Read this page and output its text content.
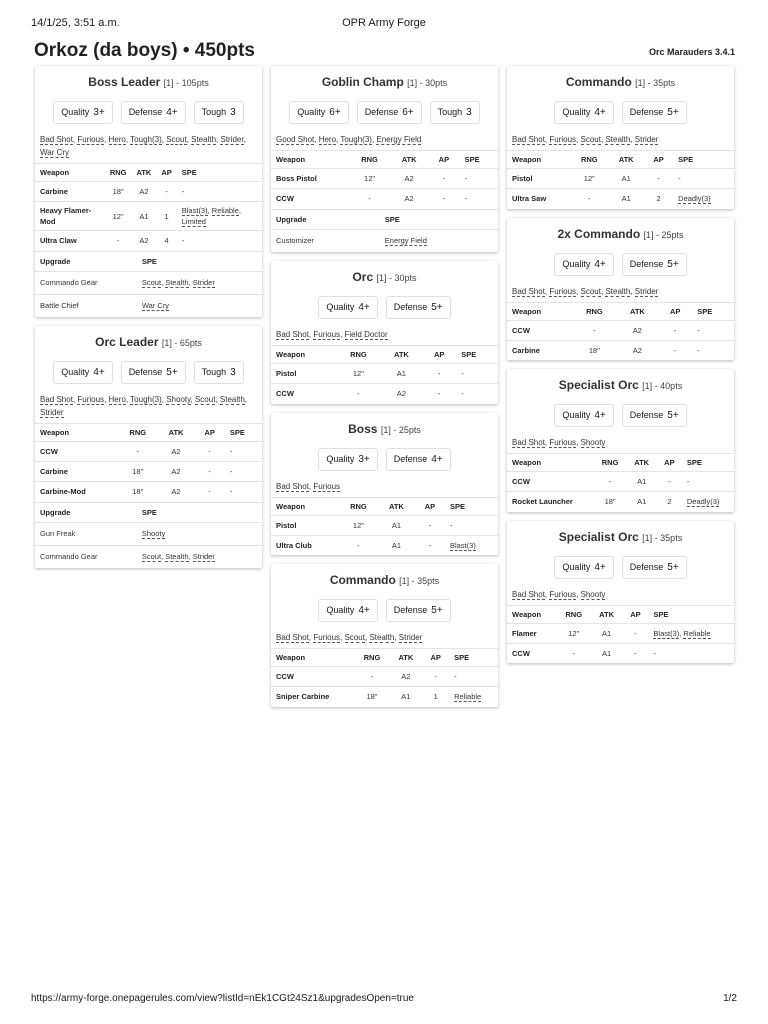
14/1/25, 3:51 a.m.	OPR Army Forge
Orkoz (da boys) • 450pts	Orc Marauders 3.4.1
Boss Leader [1] - 105pts
Quality 3+	Defense 4+	Tough 3
Bad Shot, Furious, Hero, Tough(3), Scout, Stealth, Strider, War Cry
Weapon	RNG	ATK	AP	SPE
Carbine	18"	A2	-	-
Heavy Flamer-Mod	12"	A1	1	Blast(3), Reliable, Limited
Ultra Claw	-	A2	4	-
Upgrade	SPE
Commando Gear	Scout, Stealth, Strider
Battle Chief	War Cry
Orc Leader [1] - 65pts
Quality 4+	Defense 5+	Tough 3
Bad Shot, Furious, Hero, Tough(3), Shooty, Scout, Stealth, Strider
Weapon	RNG	ATK	AP	SPE
CCW	-	A2	-	-
Carbine	18"	A2	-	-
Carbine-Mod	18"	A2	-	-
Upgrade	SPE
Gun Freak	Shooty
Commando Gear	Scout, Stealth, Strider
Goblin Champ [1] - 30pts
Quality 6+	Defense 6+	Tough 3
Good Shot, Hero, Tough(3), Energy Field
Weapon	RNG	ATK	AP	SPE
Boss Pistol	12"	A2	-	-
CCW	-	A2	-	-
Upgrade	SPE
Customizer	Energy Field
Orc [1] - 30pts
Quality 4+	Defense 5+
Bad Shot, Furious, Field Doctor
Weapon	RNG	ATK	AP	SPE
Pistol	12"	A1	-	-
CCW	-	A2	-	-
Boss [1] - 25pts
Quality 3+	Defense 4+
Bad Shot, Furious
Weapon	RNG	ATK	AP	SPE
Pistol	12"	A1	-	-
Ultra Club	-	A1	-	Blast(3)
Commando [1] - 35pts
Quality 4+	Defense 5+
Bad Shot, Furious, Scout, Stealth, Strider
Weapon	RNG	ATK	AP	SPE
CCW	-	A2	-	-
Sniper Carbine	18"	A1	1	Reliable
Commando [1] - 35pts
Quality 4+	Defense 5+
Bad Shot, Furious, Scout, Stealth, Strider
Weapon	RNG	ATK	AP	SPE
Pistol	12"	A1	-	-
Ultra Saw	-	A1	2	Deadly(3)
2x Commando [1] - 25pts
Quality 4+	Defense 5+
Bad Shot, Furious, Scout, Stealth, Strider
Weapon	RNG	ATK	AP	SPE
CCW	-	A2	-	-
Carbine	18"	A2	-	-
Specialist Orc [1] - 40pts
Quality 4+	Defense 5+
Bad Shot, Furious, Shooty
Weapon	RNG	ATK	AP	SPE
CCW	-	A1	-	-
Rocket Launcher	18"	A1	2	Deadly(3)
Specialist Orc [1] - 35pts
Quality 4+	Defense 5+
Bad Shot, Furious, Shooty
Weapon	RNG	ATK	AP	SPE
Flamer	12"	A1	-	Blast(3), Reliable
CCW	-	A1	-	-
https://army-forge.onepagerules.com/view?listId=nEk1CGt24Sz1&upgradesOpen=true	1/2
